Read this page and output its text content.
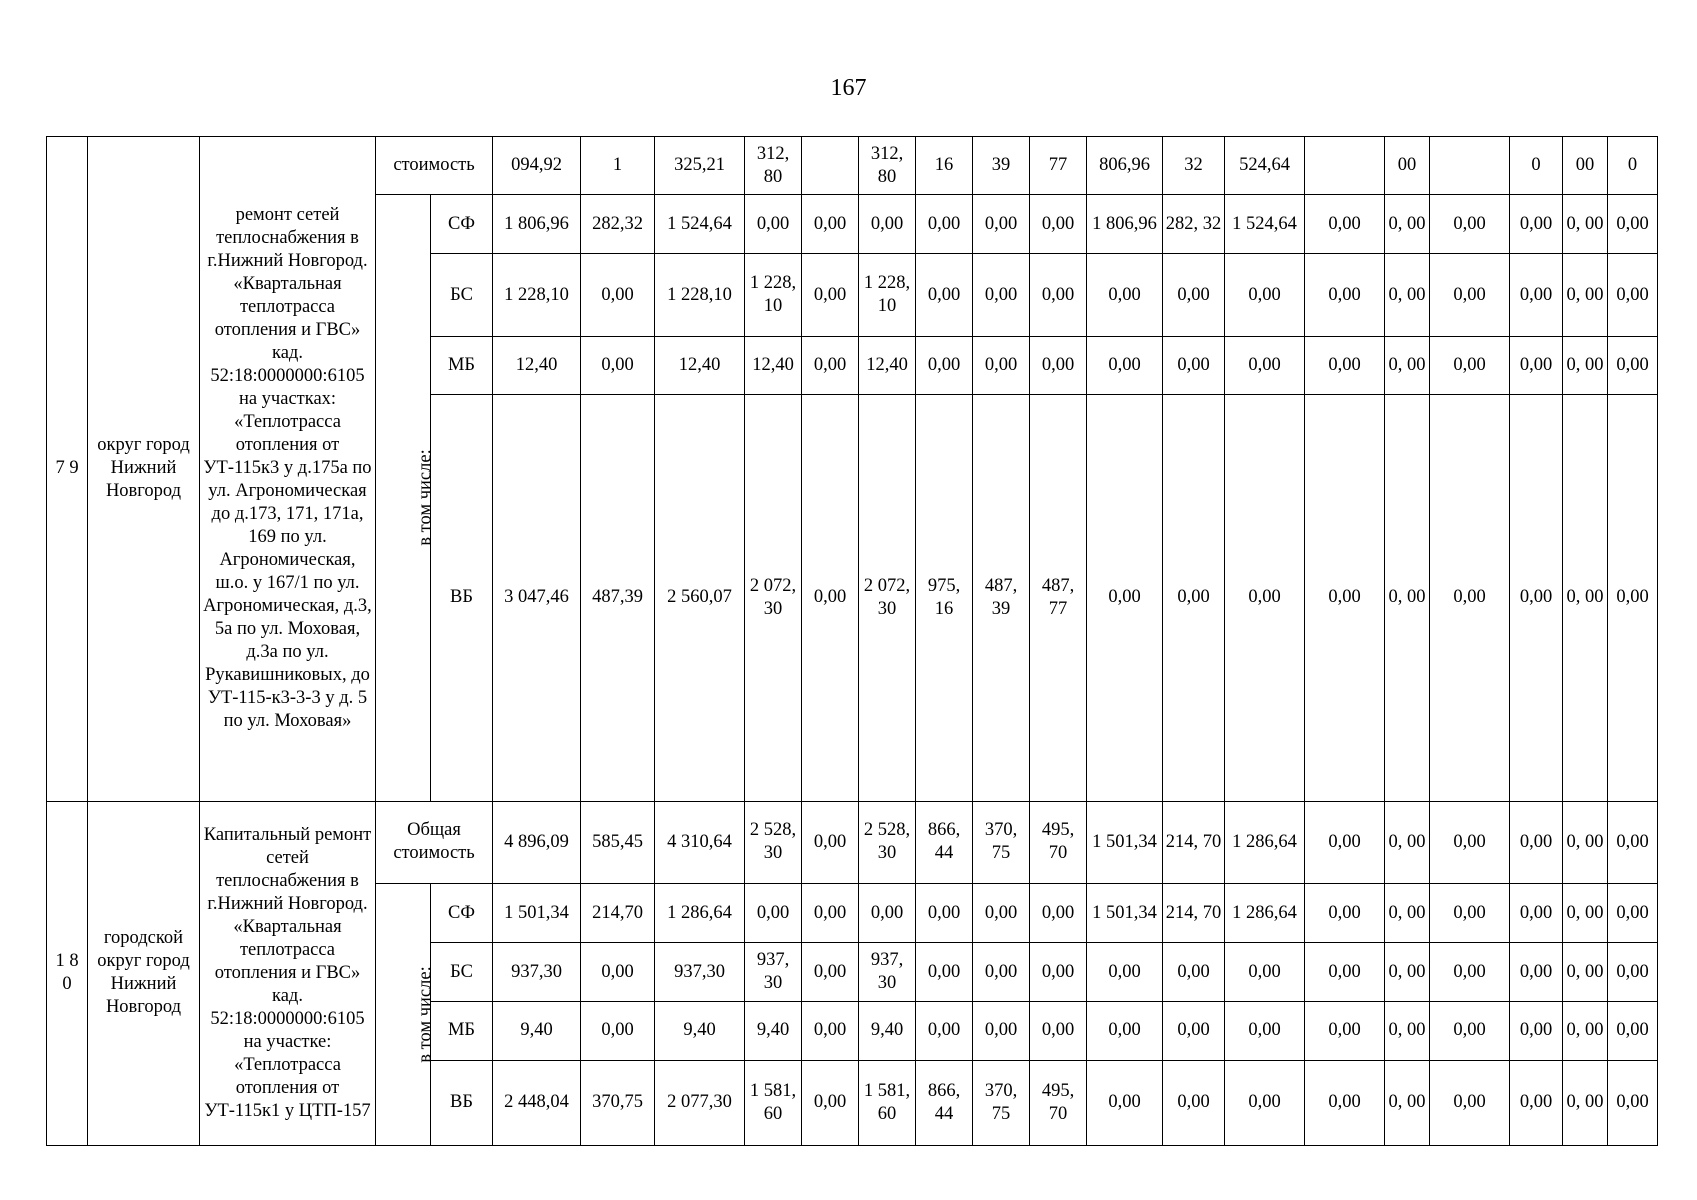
167
7 9	округ город Нижний Новгород	ремонт сетей теплоснабжения в г.Нижний Новгород. «Квартальная теплотрасса отопления и ГВС» кад. 52:18:0000000:6105 на участках: «Теплотрасса отопления от УТ-115к3 у д.175а по ул. Агрономическая до д.173, 171, 171а, 169 по ул. Агрономическая, ш.о. у 167/1 по ул. Агрономическая, д.3, 5а по ул. Моховая, д.3а по ул. Рукавишниковых, до УТ-115-к3-3-3 у д. 5 по ул. Моховая»	стоимость		094,92	1	325,21	312, 80		312, 80	16	39	77	806,96	32	524,64		00		0	00	0
			в том числе:	СФ	1 806,96	282,32	1 524,64	0,00	0,00	0,00	0,00	0,00	0,00	1 806,96	282, 32	1 524,64	0,00	0, 00	0,00	0,00	0, 00	0,00
				БС	1 228,10	0,00	1 228,10	1 228, 10	0,00	1 228, 10	0,00	0,00	0,00	0,00	0,00	0,00	0,00	0, 00	0,00	0,00	0, 00	0,00
				МБ	12,40	0,00	12,40	12,40	0,00	12,40	0,00	0,00	0,00	0,00	0,00	0,00	0,00	0, 00	0,00	0,00	0, 00	0,00
				ВБ	3 047,46	487,39	2 560,07	2 072, 30	0,00	2 072, 30	975, 16	487, 39	487, 77	0,00	0,00	0,00	0,00	0, 00	0,00	0,00	0, 00	0,00
1 8 0	городской округ город Нижний Новгород	Капитальный ремонт сетей теплоснабжения в г.Нижний Новгород. «Квартальная теплотрасса отопления и ГВС» кад. 52:18:0000000:6105 на участке: «Теплотрасса отопления от УТ-115к1 у ЦТП-157	Общая стоимость		4 896,09	585,45	4 310,64	2 528, 30	0,00	2 528, 30	866, 44	370, 75	495, 70	1 501,34	214, 70	1 286,64	0,00	0, 00	0,00	0,00	0, 00	0,00
			в том числе:	СФ	1 501,34	214,70	1 286,64	0,00	0,00	0,00	0,00	0,00	0,00	1 501,34	214, 70	1 286,64	0,00	0, 00	0,00	0,00	0, 00	0,00
				БС	937,30	0,00	937,30	937, 30	0,00	937, 30	0,00	0,00	0,00	0,00	0,00	0,00	0,00	0, 00	0,00	0,00	0, 00	0,00
				МБ	9,40	0,00	9,40	9,40	0,00	9,40	0,00	0,00	0,00	0,00	0,00	0,00	0,00	0, 00	0,00	0,00	0, 00	0,00
				ВБ	2 448,04	370,75	2 077,30	1 581, 60	0,00	1 581, 60	866, 44	370, 75	495, 70	0,00	0,00	0,00	0,00	0, 00	0,00	0,00	0, 00	0,00
